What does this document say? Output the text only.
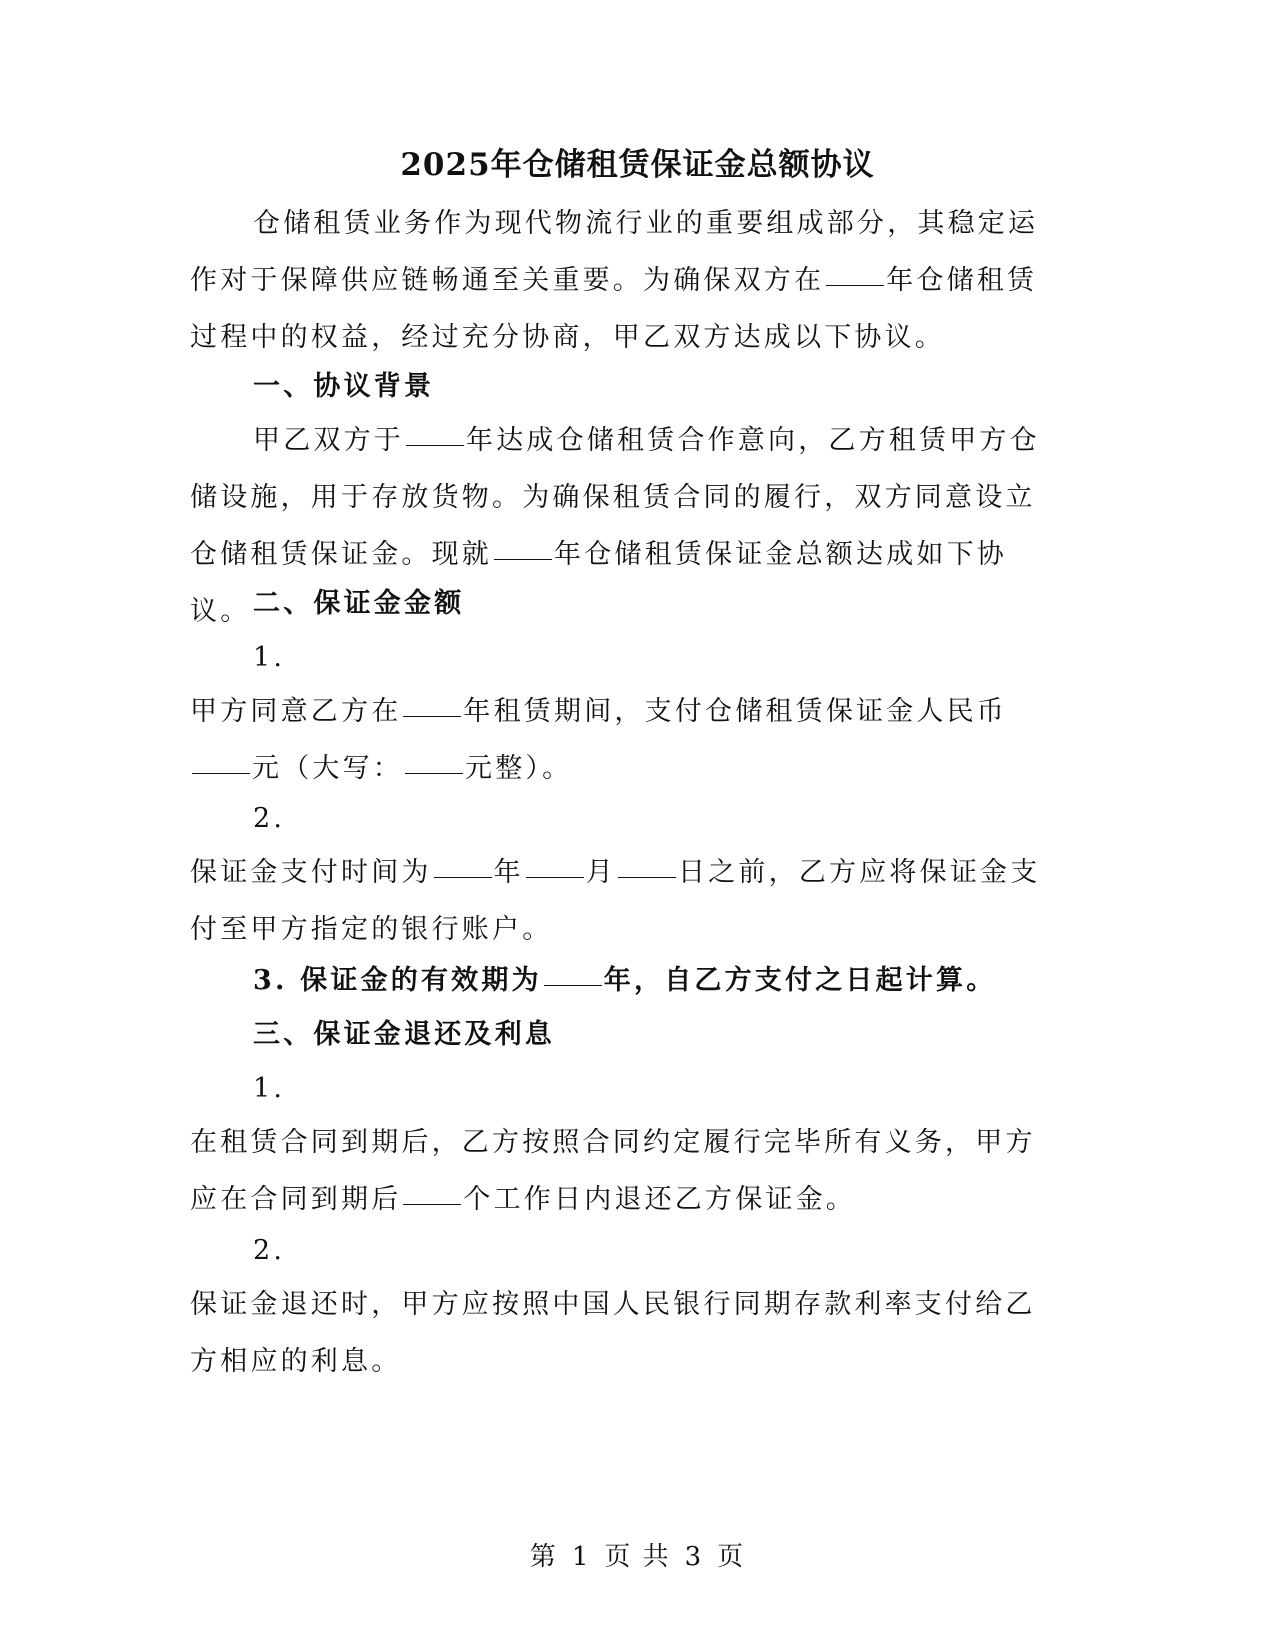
2025年仓储租赁保证金总额协议

仓储租赁业务作为现代物流行业的重要组成部分，其稳定运作对于保障供应链畅通至关重要。为确保双方在 年仓储租赁过程中的权益，经过充分协商，甲乙双方达成以下协议。

一、协议背景

甲乙双方于 年达成仓储租赁合作意向，乙方租赁甲方仓储设施，用于存放货物。为确保租赁合同的履行，双方同意设立仓储租赁保证金。现就 年仓储租赁保证金总额达成如下协议。 二、保证金金额

1.

甲方同意乙方在 年租赁期间，支付仓储租赁保证金人民币元（大写： 元整）。

2.

保证金支付时间为 年 月 日之前，乙方应将保证金支付至甲方指定的银行账户。

3. 保证金的有效期为 年，自乙方支付之日起计算。

三、保证金退还及利息

1.

在租赁合同到期后，乙方按照合同约定履行完毕所有义务，甲方应在合同到期后 个工作日内退还乙方保证金。

2.

保证金退还时，甲方应按照中国人民银行同期存款利率支付给乙方相应的利息。

第 1 页 共 3 页
